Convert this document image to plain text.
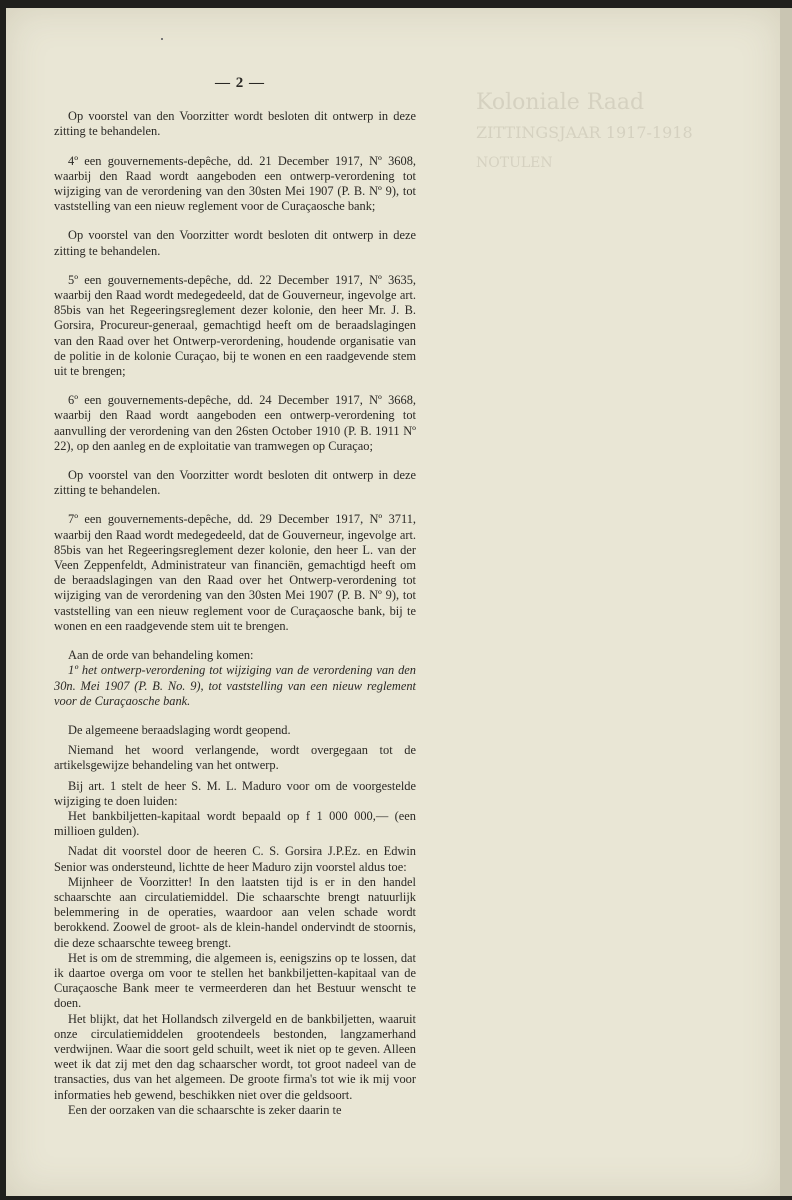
Koloniale Raad
ZITTINGSJAAR 1917-1918
NOTULEN
— 2 —

Op voorstel van den Voorzitter wordt besloten dit ontwerp in deze zitting te behandelen.

4º een gouvernements-depêche, dd. 21 December 1917, Nº 3608, waarbij den Raad wordt aangeboden een ontwerp-verordening tot wijziging van de verordening van den 30sten Mei 1907 (P. B. Nº 9), tot vaststelling van een nieuw reglement voor de Curaçaosche bank;

Op voorstel van den Voorzitter wordt besloten dit ontwerp in deze zitting te behandelen.

5º een gouvernements-depêche, dd. 22 December 1917, Nº 3635, waarbij den Raad wordt medegedeeld, dat de Gouverneur, ingevolge art. 85bis van het Regeeringsreglement dezer kolonie, den heer Mr. J. B. Gorsira, Procureur-generaal, gemachtigd heeft om de beraadslagingen van den Raad over het Ontwerp-verordening, houdende organisatie van de politie in de kolonie Curaçao, bij te wonen en een raadgevende stem uit te brengen;

6º een gouvernements-depêche, dd. 24 December 1917, Nº 3668, waarbij den Raad wordt aangeboden een ontwerp-verordening tot aanvulling der verordening van den 26sten October 1910 (P. B. 1911 Nº 22), op den aanleg en de exploitatie van tramwegen op Curaçao;

Op voorstel van den Voorzitter wordt besloten dit ontwerp in deze zitting te behandelen.

7º een gouvernements-depêche, dd. 29 December 1917, Nº 3711, waarbij den Raad wordt medegedeeld, dat de Gouverneur, ingevolge art. 85bis van het Regeeringsreglement dezer kolonie, den heer L. van der Veen Zeppenfeldt, Administrateur van financiën, gemachtigd heeft om de beraadslagingen van den Raad over het Ontwerp-verordening tot wijziging van de verordening van den 30sten Mei 1907 (P. B. Nº 9), tot vaststelling van een nieuw reglement voor de Curaçaosche bank, bij te wonen en een raadgevende stem uit te brengen.

Aan de orde van behandeling komen:

1º het ontwerp-verordening tot wijziging van de verordening van den 30n. Mei 1907 (P. B. No. 9), tot vaststelling van een nieuw reglement voor de Curaçaosche bank.

De algemeene beraadslaging wordt geopend.

Niemand het woord verlangende, wordt overgegaan tot de artikelsgewijze behandeling van het ontwerp.

Bij art. 1 stelt de heer S. M. L. Maduro voor om de voorgestelde wijziging te doen luiden:

Het bankbiljetten-kapitaal wordt bepaald op f 1 000 000,— (een millioen gulden).

Nadat dit voorstel door de heeren C. S. Gorsira J.P.Ez. en Edwin Senior was ondersteund, lichtte de heer Maduro zijn voorstel aldus toe:

Mijnheer de Voorzitter! In den laatsten tijd is er in den handel schaarschte aan circulatiemiddel. Die schaarschte brengt natuurlijk belemmering in de operaties, waardoor aan velen schade wordt berokkend. Zoowel de groot- als de klein-handel ondervindt de stoornis, die deze schaarschte teweeg brengt.

Het is om de stremming, die algemeen is, eenigszins op te lossen, dat ik daartoe overga om voor te stellen het bankbiljetten-kapitaal van de Curaçaosche Bank meer te vermeerderen dan het Bestuur wenscht te doen.

Het blijkt, dat het Hollandsch zilvergeld en de bankbiljetten, waaruit onze circulatiemiddelen grootendeels bestonden, langzamerhand verdwijnen. Waar die soort geld schuilt, weet ik niet op te geven. Alleen weet ik dat zij met den dag schaarscher wordt, tot groot nadeel van de transacties, dus van het algemeen. De groote firma's tot wie ik mij voor informaties heb gewend, beschikken niet over die geldsoort.

Een der oorzaken van die schaarschte is zeker daarin te
